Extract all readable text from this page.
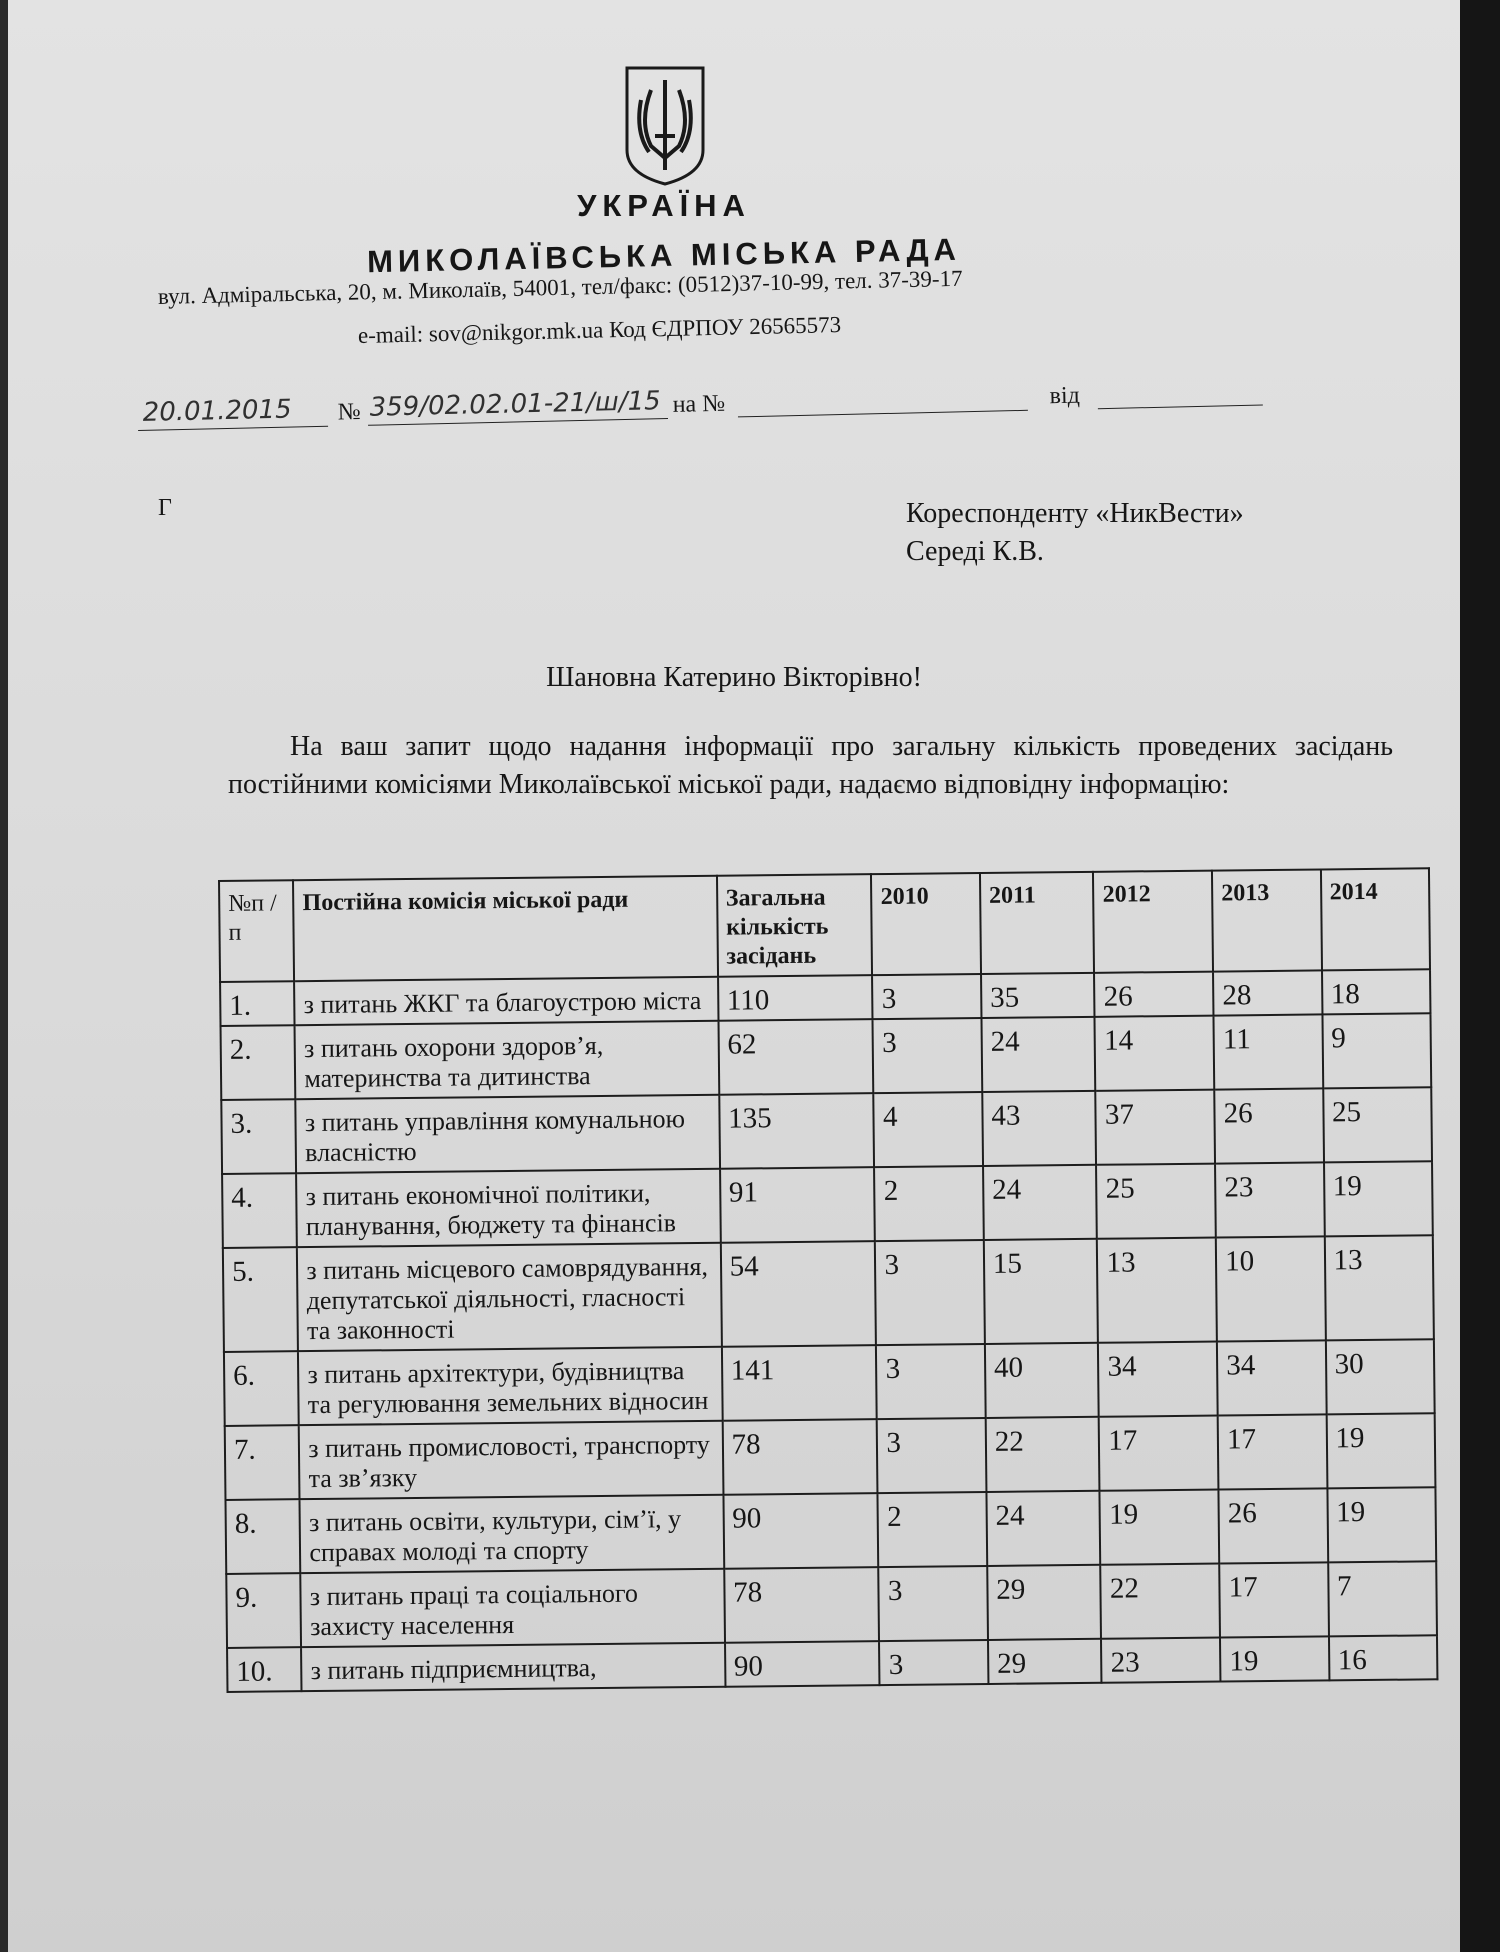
УКРАЇНА
МИКОЛАЇВСЬКА МІСЬКА РАДА
вул. Адміральська, 20, м. Миколаїв, 54001, тел/факс: (0512)37-10-99, тел. 37-39-17
e-mail: sov@nikgor.mk.ua Код ЄДРПОУ 26565573
20.01.2015 № 359/02.02.01-21/ш/15 на №	від
Г	Кореспонденту «НикВести»
Середі К.В.
Шановна Катерино Вікторівно!
На ваш запит щодо надання інформації про загальну кількість проведених засідань постійними комісіями Миколаївської міської ради, надаємо відповідну інформацію:
№п /п	Постійна комісія міської ради	Загальна кількість засідань	2010	2011	2012	2013	2014
1.	з питань ЖКГ та благоустрою міста	110	3	35	26	28	18
2.	з питань охорони здоров’я, материнства та дитинства	62	3	24	14	11	9
3.	з питань управління комунальною власністю	135	4	43	37	26	25
4.	з питань економічної політики, планування, бюджету та фінансів	91	2	24	25	23	19
5.	з питань місцевого самоврядування, депутатської діяльності, гласності та законності	54	3	15	13	10	13
6.	з питань архітектури, будівництва та регулювання земельних відносин	141	3	40	34	34	30
7.	з питань промисловості, транспорту та зв’язку	78	3	22	17	17	19
8.	з питань освіти, культури, сім’ї, у справах молоді та спорту	90	2	24	19	26	19
9.	з питань праці та соціального захисту населення	78	3	29	22	17	7
10.	з питань підприємництва,	90	3	29	23	19	16
